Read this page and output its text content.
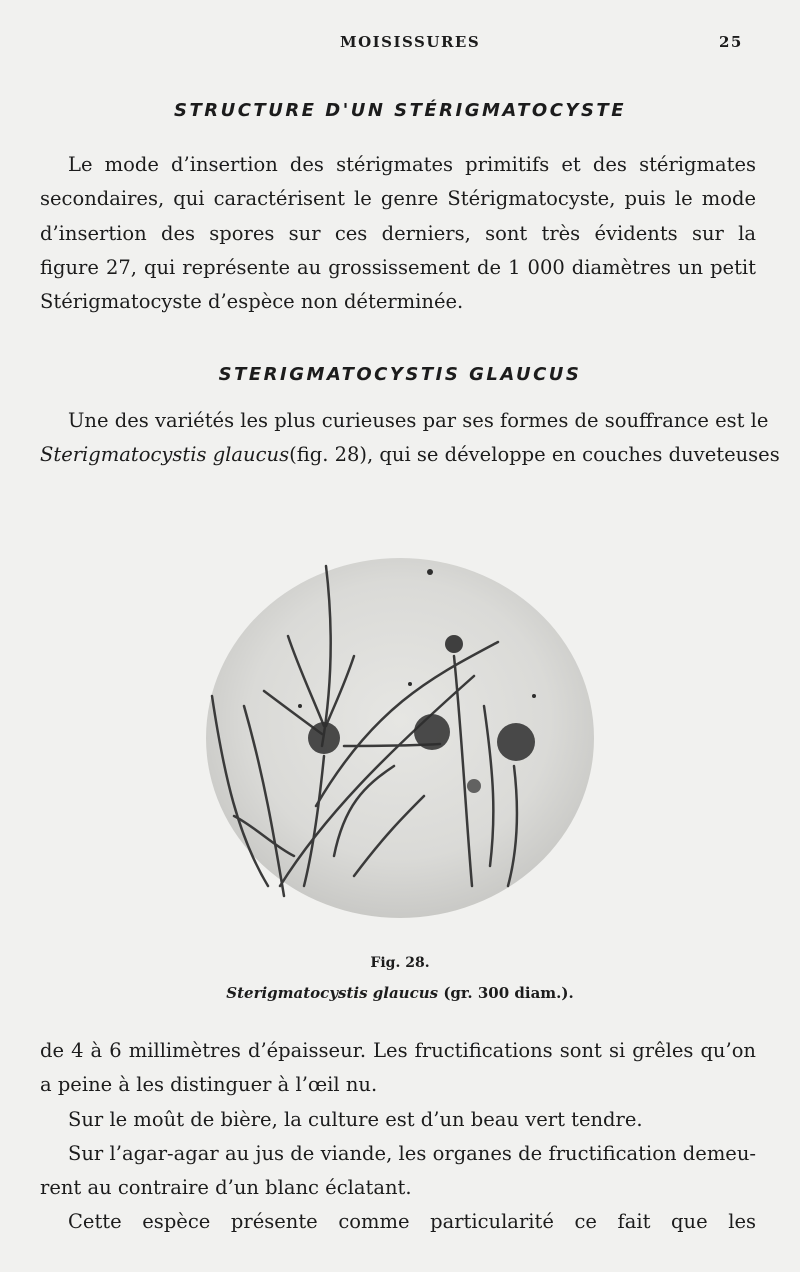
MOISISSURES	25
STRUCTURE D'UN STÉRIGMATOCYSTE
Le mode d’insertion des stérigmates primitifs et des stérigmates
secondaires, qui caractérisent le genre Stérigmatocyste, puis le mode
d’insertion des spores sur ces derniers, sont très évidents sur la
figure 27, qui représente au grossissement de 1 000 diamètres un petit
Stérigmatocyste d’espèce non déterminée.
STERIGMATOCYSTIS GLAUCUS
Une des variétés les plus curieuses par ses formes de souffrance est le
Sterigmatocystis glaucus(fig. 28), qui se développe en couches duveteuses
Fig. 28.
Sterigmatocystis glaucus (gr. 300 diam.).
de 4 à 6 millimètres d’épaisseur. Les fructifications sont si grêles qu’on
a peine à les distinguer à l’œil nu.
Sur le moût de bière, la culture est d’un beau vert tendre.
Sur l’agar-agar au jus de viande, les organes de fructification demeu-
rent au contraire d’un blanc éclatant.
Cette espèce présente comme particularité ce fait que les
